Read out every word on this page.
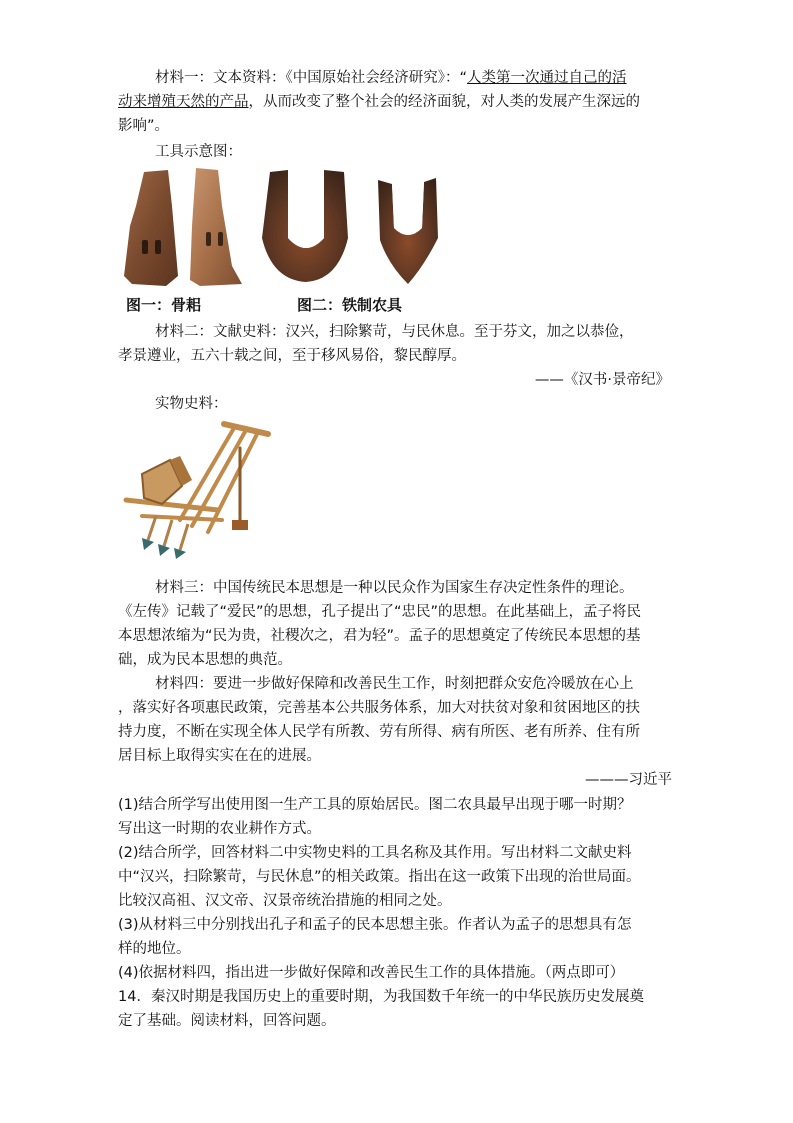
材料一：文本资料：《中国原始社会经济研究》：“人类第一次通过自己的活
动来增殖天然的产品，从而改变了整个社会的经济面貌，对人类的发展产生深远的
影响”。
工具示意图：
图一：骨耜	图二：铁制农具
材料二：文献史料：汉兴，扫除繁苛，与民休息。至于芬文，加之以恭俭，
孝景遵业，五六十载之间，至于移风易俗，黎民醇厚。
——《汉书·景帝纪》
实物史料：
材料三：中国传统民本思想是一种以民众作为国家生存决定性条件的理论。
《左传》记载了“爱民”的思想，孔子提出了“忠民”的思想。在此基础上，孟子将民
本思想浓缩为“民为贵，社稷次之，君为轻”。孟子的思想奠定了传统民本思想的基
础，成为民本思想的典范。
材料四：要进一步做好保障和改善民生工作，时刻把群众安危冷暖放在心上
，落实好各项惠民政策，完善基本公共服务体系，加大对扶贫对象和贫困地区的扶
持力度，不断在实现全体人民学有所教、劳有所得、病有所医、老有所养、住有所
居目标上取得实实在在的进展。
———习近平
(1)结合所学写出使用图一生产工具的原始居民。图二农具最早出现于哪一时期？
写出这一时期的农业耕作方式。
(2)结合所学，回答材料二中实物史料的工具名称及其作用。写出材料二文献史料
中“汉兴，扫除繁苛，与民休息”的相关政策。指出在这一政策下出现的治世局面。
比较汉高祖、汉文帝、汉景帝统治措施的相同之处。
(3)从材料三中分别找出孔子和孟子的民本思想主张。作者认为孟子的思想具有怎
样的地位。
(4)依据材料四，指出进一步做好保障和改善民生工作的具体措施。（两点即可）
14．秦汉时期是我国历史上的重要时期，为我国数千年统一的中华民族历史发展奠
定了基础。阅读材料，回答问题。
